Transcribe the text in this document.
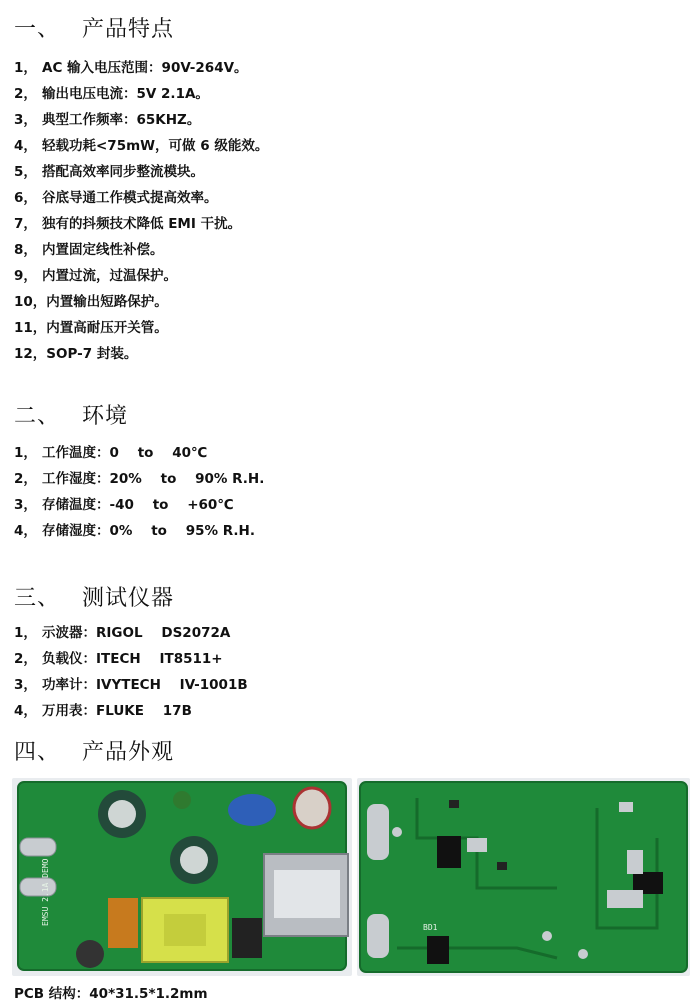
一、 产品特点
1， AC 输入电压范围：90V-264V。
2， 输出电压电流：5V 2.1A。
3， 典型工作频率：65KHZ。
4， 轻载功耗<75mW，可做 6 级能效。
5， 搭配高效率同步整流模块。
6， 谷底导通工作模式提高效率。
7， 独有的抖频技术降低 EMI 干扰。
8， 内置固定线性补偿。
9， 内置过流，过温保护。
10，内置输出短路保护。
11，内置高耐压开关管。
12，SOP-7 封装。
二、 环境
1， 工作温度：0    to    40℃
2， 工作湿度：20%    to    90% R.H.
3， 存储温度：-40    to    +60℃
4， 存储湿度：0%    to    95% R.H.
三、 测试仪器
1， 示波器：RIGOL    DS2072A
2， 负载仪：ITECH    IT8511+
3， 功率计：IVYTECH    IV-1001B
4， 万用表：FLUKE    17B
四、 产品外观
EMSU 2.1A DEMO
BD1
PCB 结构：40*31.5*1.2mm
